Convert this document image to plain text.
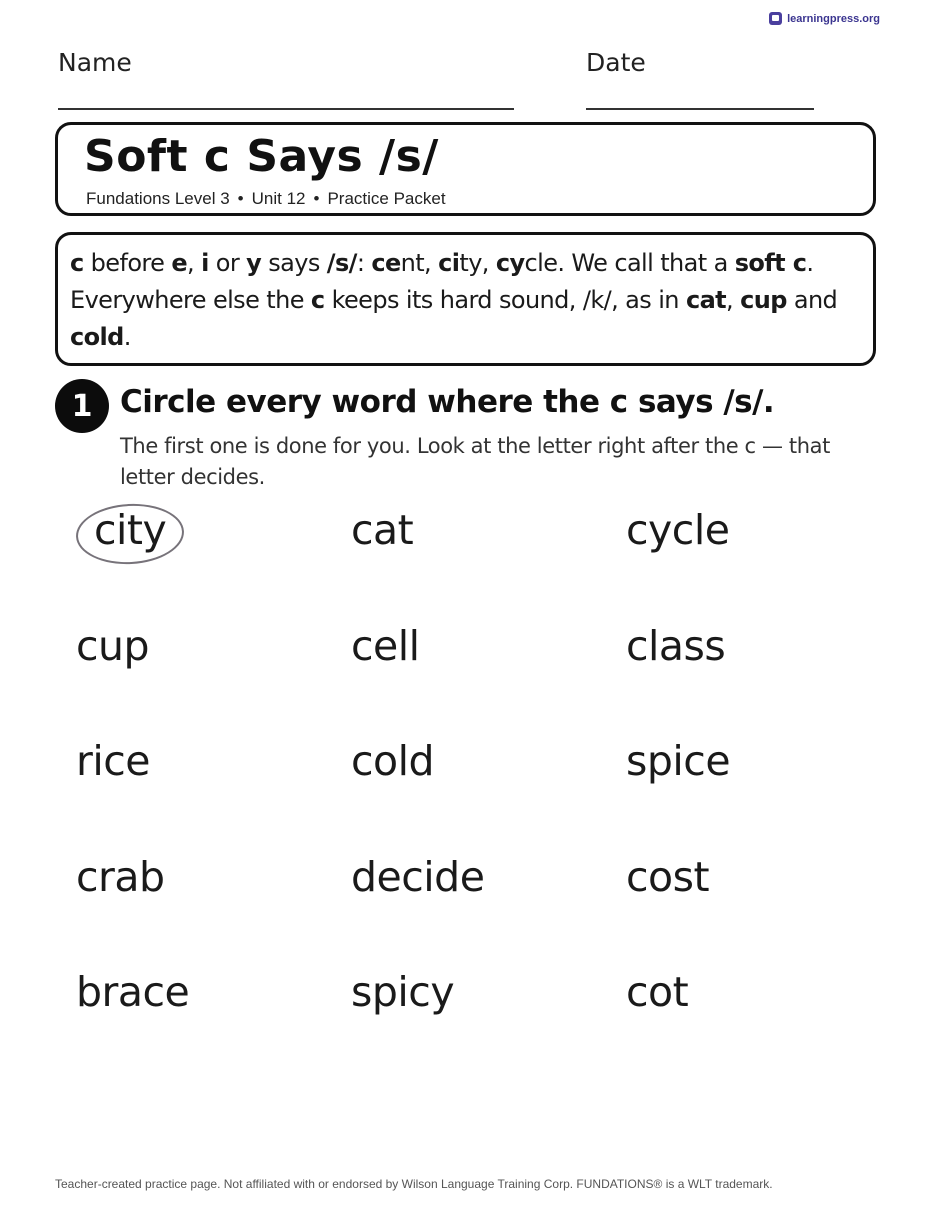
learningpress.org
Name	Date
Soft c Says /s/
Fundations Level 3 • Unit 12 • Practice Packet
c before e, i or y says /s/: cent, city, cycle. We call that a soft c. Everywhere else the c keeps its hard sound, /k/, as in cat, cup and cold.
1 Circle every word where the c says /s/.
The first one is done for you. Look at the letter right after the c — that letter decides.
city	cat	cycle
cup	cell	class
rice	cold	spice
crab	decide	cost
brace	spicy	cot
Teacher-created practice page. Not affiliated with or endorsed by Wilson Language Training Corp. FUNDATIONS® is a WLT trademark.
